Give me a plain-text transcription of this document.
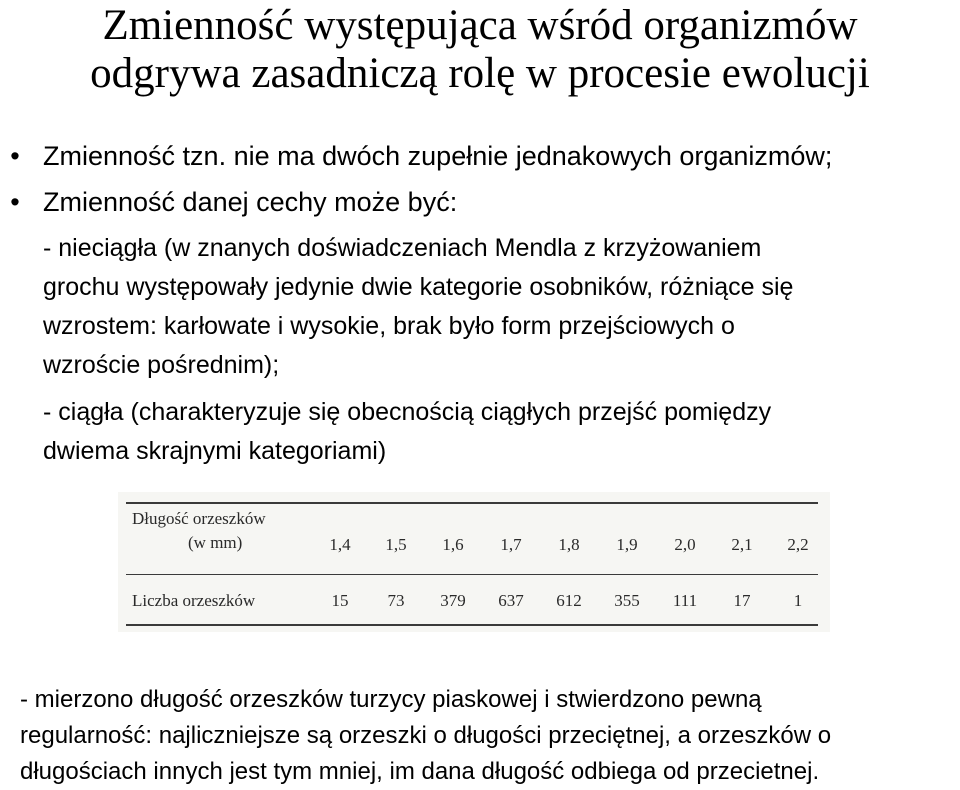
Zmienność występująca wśród organizmów
odgrywa zasadniczą rolę w procesie ewolucji
• Zmienność tzn. nie ma dwóch zupełnie jednakowych organizmów;
• Zmienność danej cechy może być:
- nieciągła (w znanych doświadczeniach Mendla z krzyżowaniem
grochu występowały jedynie dwie kategorie osobników, różniące się
wzrostem: karłowate i wysokie, brak było form przejściowych o
wzroście pośrednim);
- ciągła (charakteryzuje się obecnością ciągłych przejść pomiędzy
dwiema skrajnymi kategoriami)
Długość orzeszków
(w mm)	1,4	1,5	1,6	1,7	1,8	1,9	2,0	2,1	2,2
Liczba orzeszków	15	73	379	637	612	355	111	17	1
- mierzono długość orzeszków turzycy piaskowej i stwierdzono pewną
regularność: najliczniejsze są orzeszki o długości przeciętnej, a orzeszków o
długościach innych jest tym mniej, im dana długość odbiega od przecietnej.
